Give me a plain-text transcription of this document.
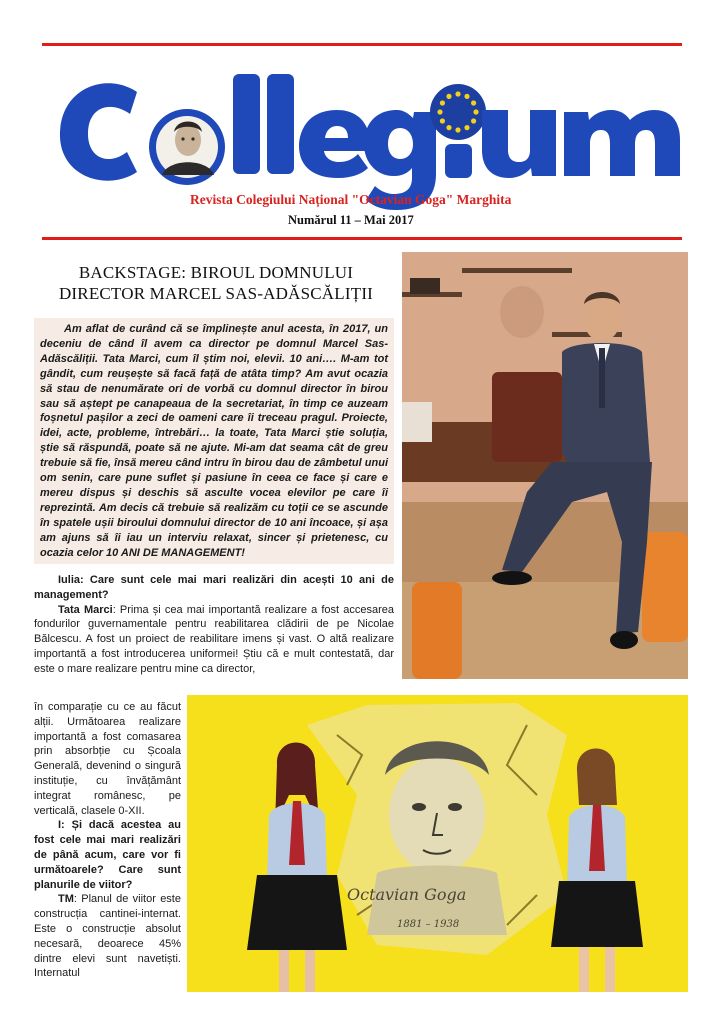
Revista Colegiului Național "Octavian Goga" Marghita
Numărul 11 – Mai 2017
BACKSTAGE: BIROUL DOMNULUI
DIRECTOR MARCEL SAS-ADĂSCĂLIȚII

Am aflat de curând că se împlinește anul acesta, în 2017, un deceniu de când îl avem ca director pe domnul Marcel Sas-Adăscăliții. Tata Marci, cum îl știm noi, elevii. 10 ani…. M-am tot gândit, cum reușește să facă față de atâta timp? Am avut ocazia să stau de nenumărate ori de vorbă cu domnul director în birou sau să aștept pe canapeaua de la secretariat, în timp ce auzeam foșnetul pașilor a zeci de oameni care îi treceau pragul. Proiecte, idei, acte, probleme, întrebări… la toate, Tata Marci știe soluția, știe să răspundă, poate să ne ajute. Mi-am dat seama cât de greu trebuie să fie, însă mereu când intru în birou dau de zâmbetul unui om senin, care pune suflet și pasiune în ceea ce face și care e mereu dispus și deschis să asculte vocea elevilor pe care îi reprezintă. Am decis că trebuie să realizăm cu toții ce se ascunde în spatele ușii biroului domnului director de 10 ani încoace, și așa am ajuns să îi iau un interviu relaxat, sincer și prietenesc, cu ocazia celor 10 ANI DE MANAGEMENT!

Iulia: Care sunt cele mai mari realizări din acești 10 ani de management?

Tata Marci: Prima și cea mai importantă realizare a fost accesarea fondurilor guvernamentale pentru reabilitarea clădirii de pe Nicolae Bălcescu. A fost un proiect de reabilitare imens și vast. O altă realizare importantă a fost introducerea uniformei! Știu că e mult contestată, dar este o mare realizare pentru mine ca director,

în comparație cu ce au făcut alții. Următoarea realizare importantă a fost comasarea prin absorbție cu Școala Generală, devenind o singură instituție, cu învățământ integrat românesc, pe verticală, clasele 0-XII.

I: Și dacă acestea au fost cele mai mari realizări de până acum, care vor fi următoarele? Care sunt planurile de viitor?

TM: Planul de viitor este construcția cantinei-internat. Este o construcție absolut necesară, deoarece 45% dintre elevi sunt navetiști. Internatul

Octavian Goga
1881 – 1938
